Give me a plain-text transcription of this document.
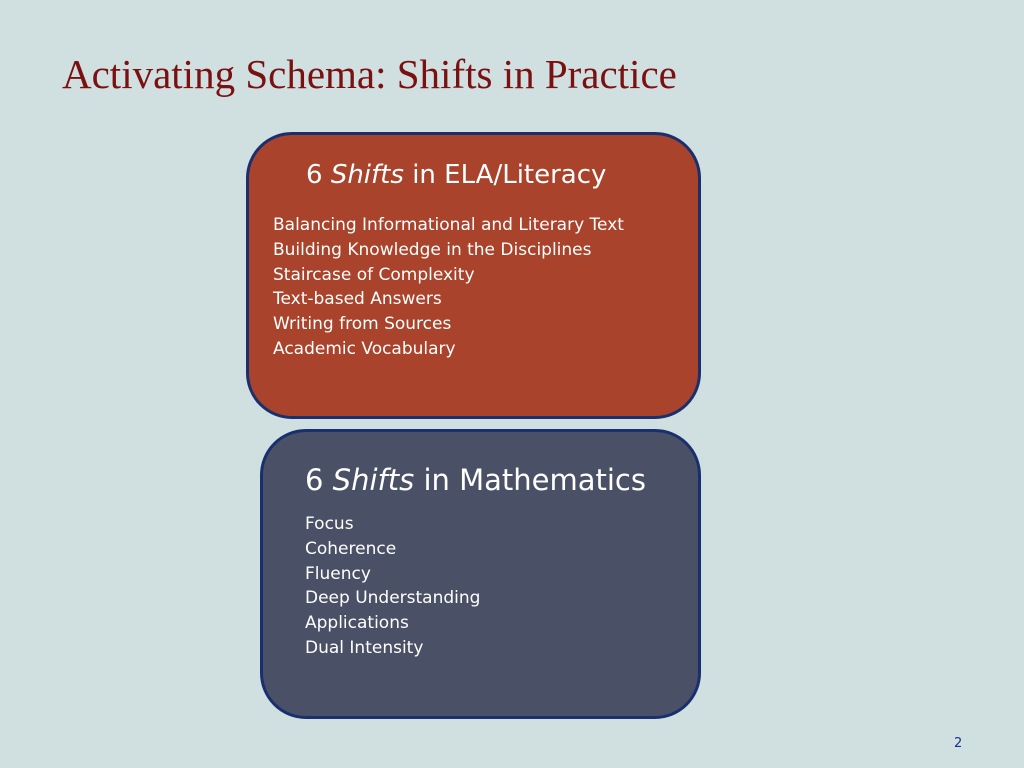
Activating Schema: Shifts in Practice
6 Shifts in ELA/Literacy
Balancing Informational and Literary Text
Building Knowledge in the Disciplines
Staircase of Complexity
Text-based Answers
Writing from Sources
Academic Vocabulary
6 Shifts in Mathematics
Focus
Coherence
Fluency
Deep Understanding
Applications
Dual Intensity
2
